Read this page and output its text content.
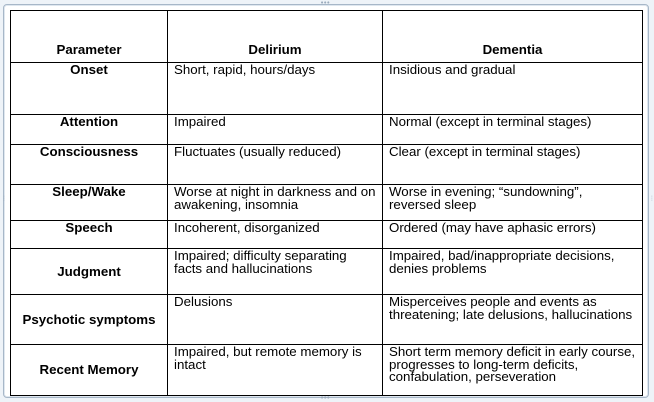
•••
•••
⋮	⋮
Parameter	Delirium	Dementia
Onset	Short, rapid, hours/days	Insidious and gradual
Attention	Impaired	Normal (except in terminal stages)
Consciousness	Fluctuates (usually reduced)	Clear (except in terminal stages)
Sleep/Wake	Worse at night in darkness and on awakening, insomnia	Worse in evening; “sundowning”, reversed sleep
Speech	Incoherent, disorganized	Ordered (may have aphasic errors)
Judgment	Impaired; difficulty separating facts and hallucinations	Impaired, bad/inappropriate decisions, denies problems
Psychotic symptoms	Delusions	Misperceives people and events as threatening; late delusions, hallucinations
Recent Memory	Impaired, but remote memory is intact	Short term memory deficit in early course, progresses to long-term deficits, confabulation, perseveration
